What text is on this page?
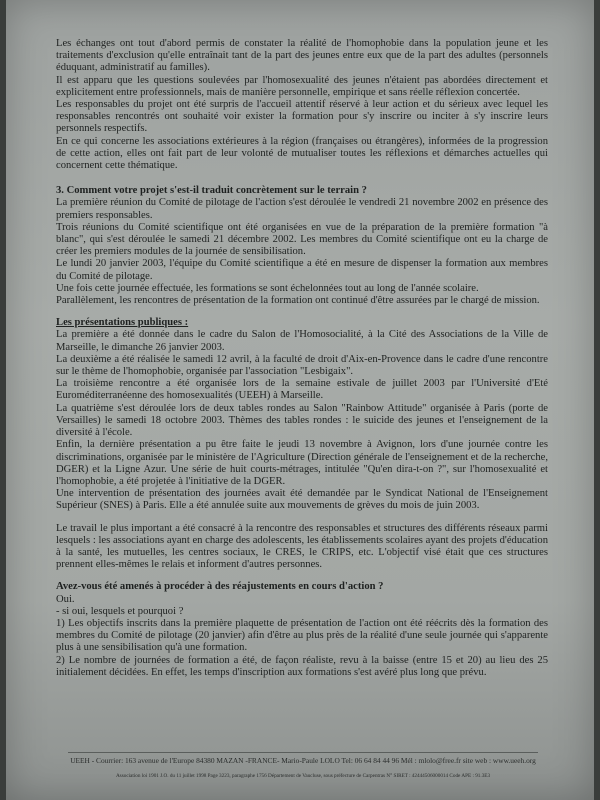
Les échanges ont tout d'abord permis de constater la réalité de l'homophobie dans la population jeune et les traitements d'exclusion qu'elle entraînait tant de la part des jeunes entre eux que de la part des adultes (personnels éduquant, administratif au familles).

Il est apparu que les questions soulevées par l'homosexualité des jeunes n'étaient pas abordées directement et explicitement entre professionnels, mais de manière personnelle, empirique et sans réelle réflexion concertée.

Les responsables du projet ont été surpris de l'accueil attentif réservé à leur action et du sérieux avec lequel les responsables rencontrés ont souhaité voir exister la formation pour s'y inscrire ou inciter à s'y inscrire leurs personnels respectifs.

En ce qui concerne les associations extérieures à la région (françaises ou étrangères), informées de la progression de cette action, elles ont fait part de leur volonté de mutualiser toutes les réflexions et démarches actuelles qui concernent cette thématique.

3. Comment votre projet s'est-il traduit concrètement sur le terrain ?

La première réunion du Comité de pilotage de l'action s'est déroulée le vendredi 21 novembre 2002 en présence des premiers responsables.

Trois réunions du Comité scientifique ont été organisées en vue de la préparation de la première formation "à blanc", qui s'est déroulée le samedi 21 décembre 2002. Les membres du Comité scientifique ont eu la charge de créer les premiers modules de la journée de sensibilisation.

Le lundi 20 janvier 2003, l'équipe du Comité scientifique a été en mesure de dispenser la formation aux membres du Comité de pilotage.

Une fois cette journée effectuée, les formations se sont échelonnées tout au long de l'année scolaire.

Parallèlement, les rencontres de présentation de la formation ont continué d'être assurées par le chargé de mission.

Les présentations publiques :

La première a été donnée dans le cadre du Salon de l'Homosocialité, à la Cité des Associations de la Ville de Marseille, le dimanche 26 janvier 2003.

La deuxième a été réalisée le samedi 12 avril, à la faculté de droit d'Aix-en-Provence dans le cadre d'une rencontre sur le thème de l'homophobie, organisée par l'association "Lesbigaix".

La troisième rencontre a été organisée lors de la semaine estivale de juillet 2003 par l'Université d'Eté Euroméditerranéenne des homosexualités (UEEH) à Marseille.

La quatrième s'est déroulée lors de deux tables rondes au Salon "Rainbow Attitude" organisée à Paris (porte de Versailles) le samedi 18 octobre 2003. Thèmes des tables rondes : le suicide des jeunes et l'enseignement de la diversité à l'école.

Enfin, la dernière présentation a pu être faite le jeudi 13 novembre à Avignon, lors d'une journée contre les discriminations, organisée par le ministère de l'Agriculture (Direction générale de l'enseignement et de la recherche, DGER) et la Ligne Azur. Une série de huit courts-métrages, intitulée "Qu'en dira-t-on ?", sur l'homosexualité et l'homophobie, a été projetée à l'initiative de la DGER.

Une intervention de présentation des journées avait été demandée par le Syndicat National de l'Enseignement Supérieur (SNES) à Paris. Elle a été annulée suite aux mouvements de grèves du mois de juin 2003.

Le travail le plus important a été consacré à la rencontre des responsables et structures des différents réseaux parmi lesquels : les associations ayant en charge des adolescents, les établissements scolaires ayant des projets d'éducation à la santé, les mutuelles, les centres sociaux, le CRES, le CRIPS, etc. L'objectif visé était que ces structures prennent elles-mêmes le relais et informent d'autres personnes.

Avez-vous été amenés à procéder à des réajustements en cours d'action ?

Oui.

- si oui, lesquels et pourquoi ?

1) Les objectifs inscrits dans la première plaquette de présentation de l'action ont été réécrits dès la formation des membres du Comité de pilotage (20 janvier) afin d'être au plus près de la réalité d'une seule journée qui s'apparente plus à une sensibilisation qu'à une formation.

2) Le nombre de journées de formation a été, de façon réaliste, revu à la baisse (entre 15 et 20) au lieu des 25 initialement décidées. En effet, les temps d'inscription aux formations s'est avéré plus long que prévu.

UEEH - Courrier: 163 avenue de l'Europe 84380 MAZAN -FRANCE- Mario-Paule LOLO Tel: 06 64 84 44 96 Mél : mlolo@free.fr site web : www.ueeh.org
Association loi 1901 J.O. du 11 juillet 1998 Page 3223, paragraphe 1756 Département de Vaucluse, sous préfecture de Carpentras N° SIRET : 42444506000014 Code APE : 91.3E3
